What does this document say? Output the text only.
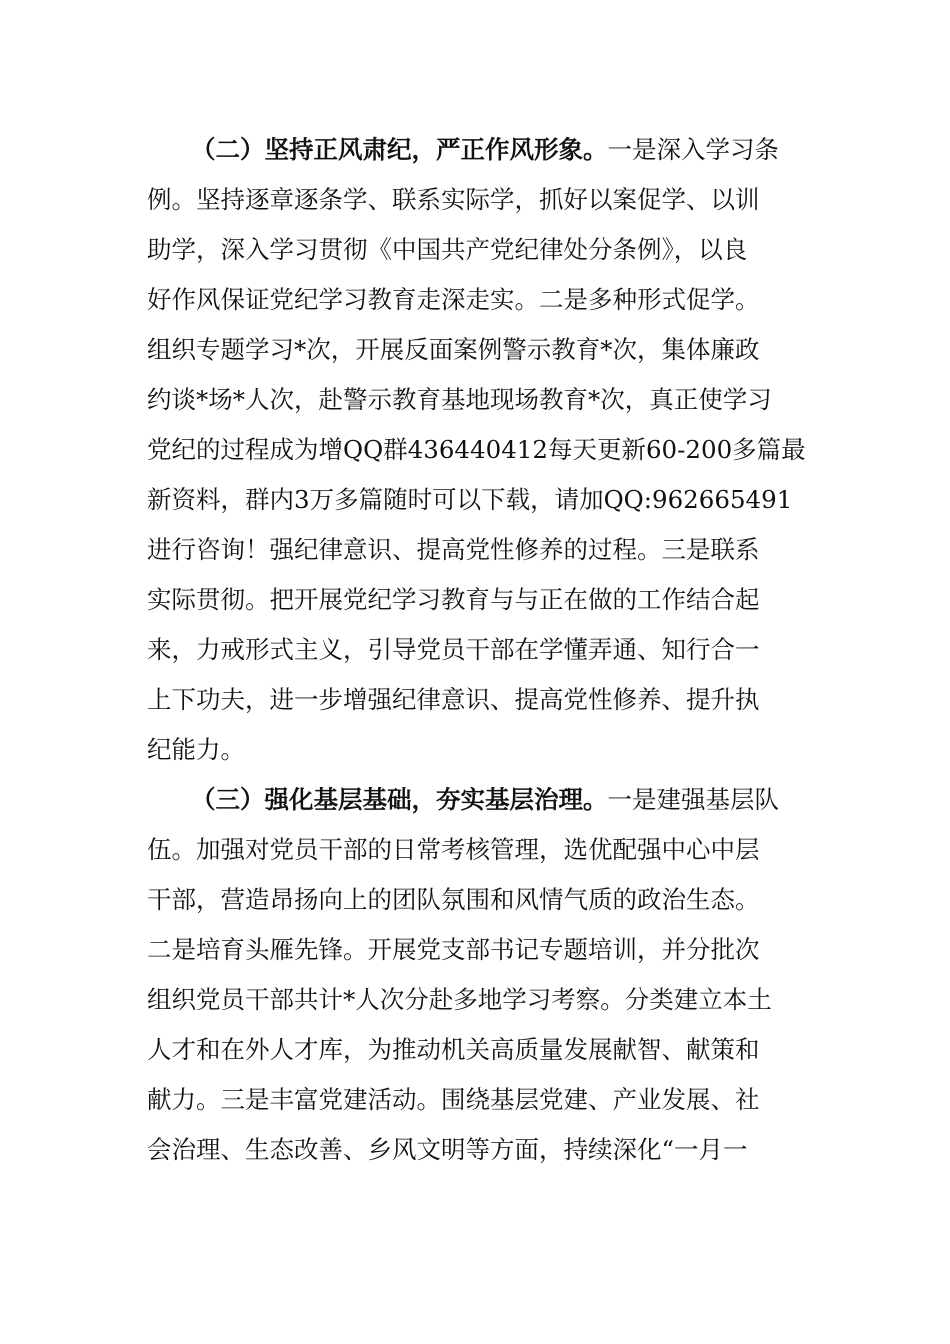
（二）坚持正风肃纪，严正作风形象。一是深入学习条
例。坚持逐章逐条学、联系实际学，抓好以案促学、以训
助学，深入学习贯彻《中国共产党纪律处分条例》，以良
好作风保证党纪学习教育走深走实。二是多种形式促学。
组织专题学习*次，开展反面案例警示教育*次，集体廉政
约谈*场*人次，赴警示教育基地现场教育*次，真正使学习
党纪的过程成为增QQ群436440412每天更新60-200多篇最
新资料，群内3万多篇随时可以下载，请加QQ:962665491
进行咨询！强纪律意识、提高党性修养的过程。三是联系
实际贯彻。把开展党纪学习教育与与正在做的工作结合起
来，力戒形式主义，引导党员干部在学懂弄通、知行合一
上下功夫，进一步增强纪律意识、提高党性修养、提升执
纪能力。
（三）强化基层基础，夯实基层治理。一是建强基层队
伍。加强对党员干部的日常考核管理，选优配强中心中层
干部，营造昂扬向上的团队氛围和风情气质的政治生态。
二是培育头雁先锋。开展党支部书记专题培训，并分批次
组织党员干部共计*人次分赴多地学习考察。分类建立本土
人才和在外人才库，为推动机关高质量发展献智、献策和
献力。三是丰富党建活动。围绕基层党建、产业发展、社
会治理、生态改善、乡风文明等方面，持续深化“一月一
